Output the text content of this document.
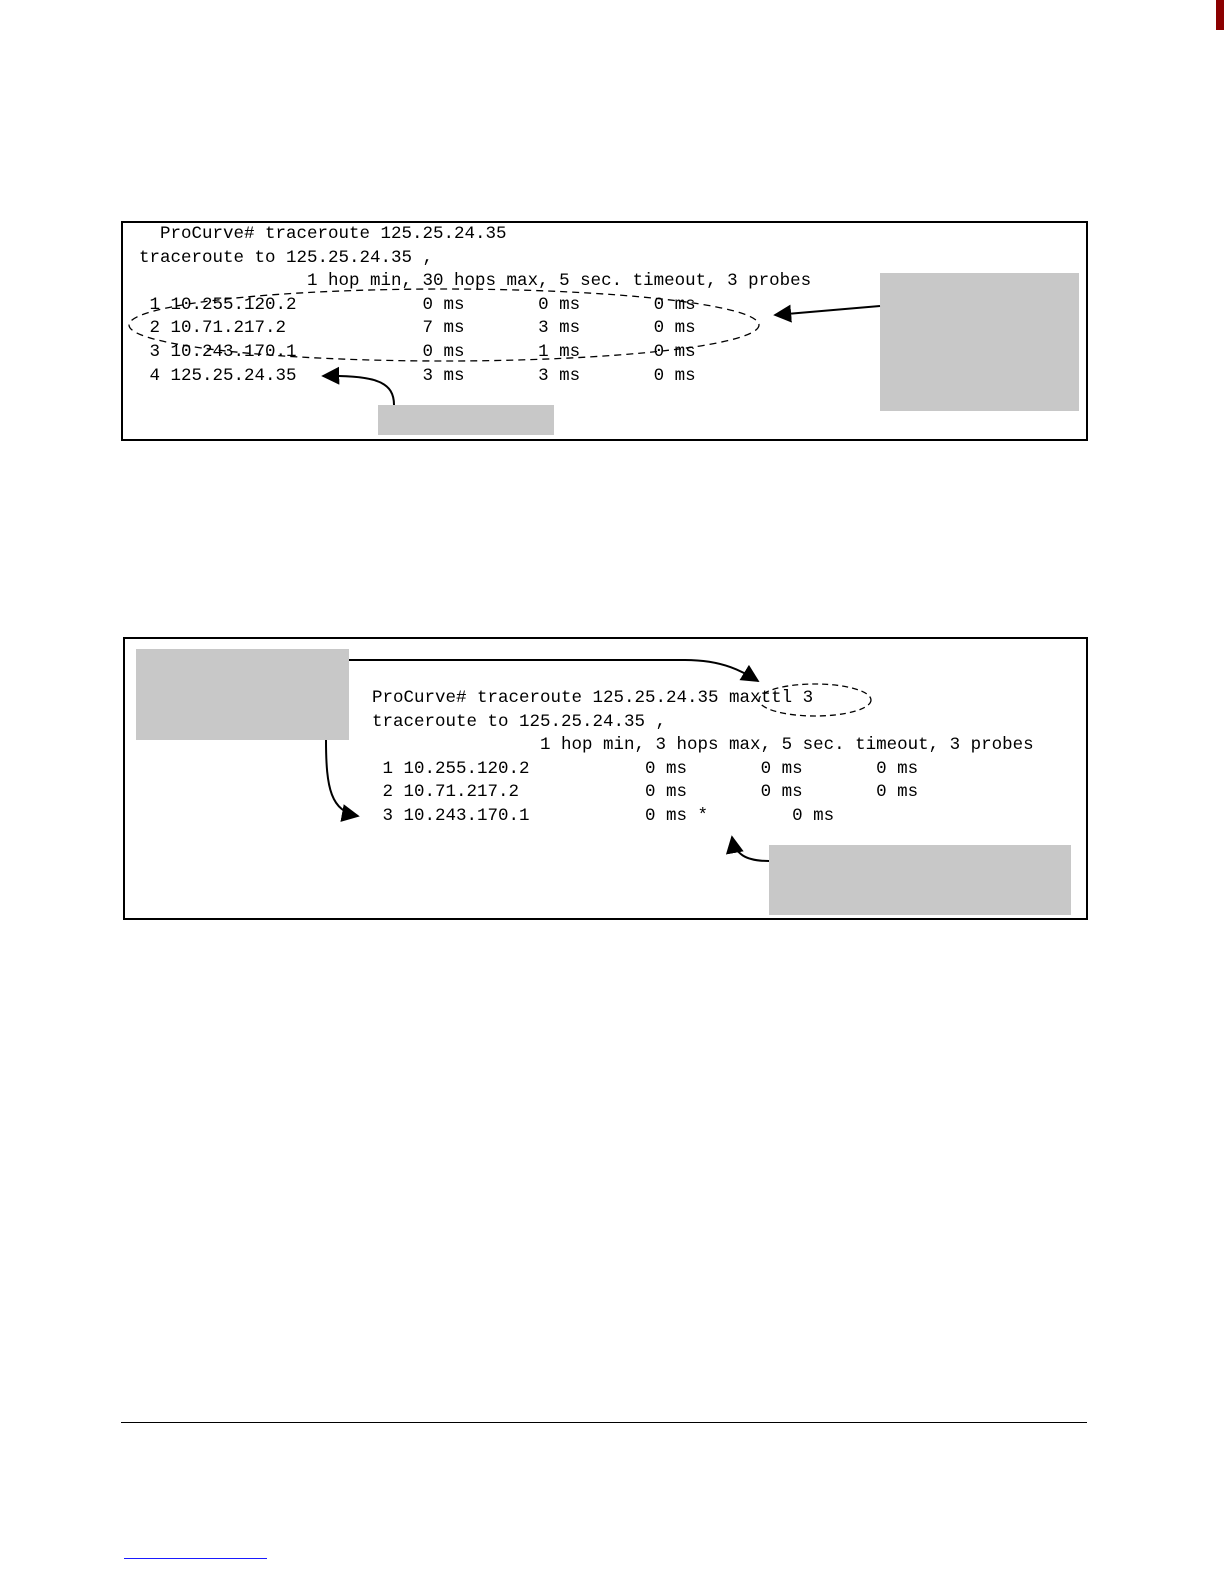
ProCurve# traceroute 125.25.24.35
traceroute to 125.25.24.35 ,
1 hop min, 30 hops max, 5 sec. timeout, 3 probes
1 10.255.120.2            0 ms       0 ms       0 ms
2 10.71.217.2             7 ms       3 ms       0 ms
3 10.243.170.1            0 ms       1 ms       0 ms
4 125.25.24.35            3 ms       3 ms       0 ms
ProCurve# traceroute 125.25.24.35 maxttl 3
traceroute to 125.25.24.35 ,
1 hop min, 3 hops max, 5 sec. timeout, 3 probes
1 10.255.120.2           0 ms       0 ms       0 ms
2 10.71.217.2            0 ms       0 ms       0 ms
3 10.243.170.1           0 ms *        0 ms
